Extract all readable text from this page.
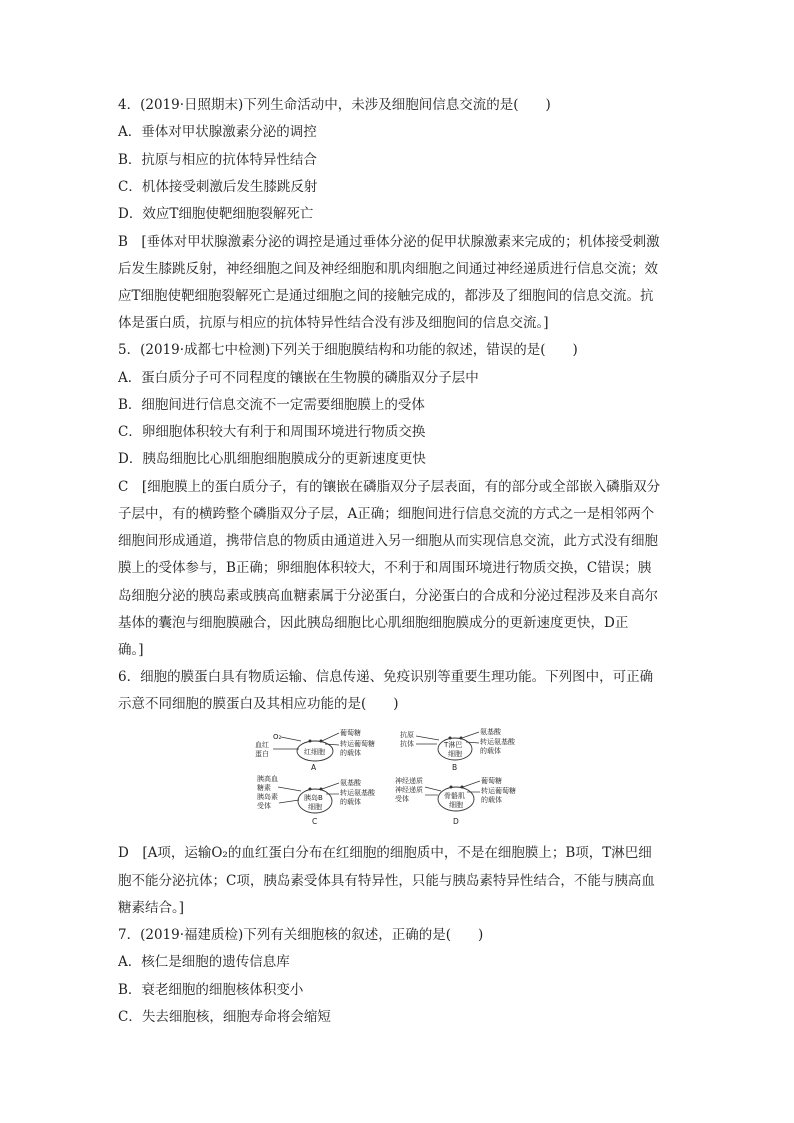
4．(2019·日照期末)下列生命活动中，未涉及细胞间信息交流的是(　　)
A．垂体对甲状腺激素分泌的调控
B．抗原与相应的抗体特异性结合
C．机体接受刺激后发生膝跳反射
D．效应T细胞使靶细胞裂解死亡
B　[垂体对甲状腺激素分泌的调控是通过垂体分泌的促甲状腺激素来完成的；机体接受刺激
后发生膝跳反射，神经细胞之间及神经细胞和肌肉细胞之间通过神经递质进行信息交流；效
应T细胞使靶细胞裂解死亡是通过细胞之间的接触完成的，都涉及了细胞间的信息交流。抗
体是蛋白质，抗原与相应的抗体特异性结合没有涉及细胞间的信息交流。]
5．(2019·成都七中检测)下列关于细胞膜结构和功能的叙述，错误的是(　　)
A．蛋白质分子可不同程度的镶嵌在生物膜的磷脂双分子层中
B．细胞间进行信息交流不一定需要细胞膜上的受体
C．卵细胞体积较大有利于和周围环境进行物质交换
D．胰岛细胞比心肌细胞细胞膜成分的更新速度更快
C　[细胞膜上的蛋白质分子，有的镶嵌在磷脂双分子层表面，有的部分或全部嵌入磷脂双分
子层中，有的横跨整个磷脂双分子层，A正确；细胞间进行信息交流的方式之一是相邻两个
细胞间形成通道，携带信息的物质由通道进入另一细胞从而实现信息交流，此方式没有细胞
膜上的受体参与，B正确；卵细胞体积较大，不利于和周围环境进行物质交换，C错误；胰
岛细胞分泌的胰岛素或胰高血糖素属于分泌蛋白，分泌蛋白的合成和分泌过程涉及来自高尔
基体的囊泡与细胞膜融合，因此胰岛细胞比心肌细胞细胞膜成分的更新速度更快，D正
确。]
6．细胞的膜蛋白具有物质运输、信息传递、免疫识别等重要生理功能。下列图中，可正确
示意不同细胞的膜蛋白及其相应功能的是(　　)
O₂
血红
蛋白	红细胞
葡萄糖
转运葡萄糖
的载体
A
抗原
抗体	T淋巴
细胞
氨基酸
转运氨基酸
的载体
B
胰高血
糖素
胰岛素
受体
胰岛B
细胞
氨基酸
转运氨基酸
的载体
C
神经递质
神经递质
受体	骨骼肌
细胞
葡萄糖
转运葡萄糖
的载体
D
D　[A项，运输O₂的血红蛋白分布在红细胞的细胞质中，不是在细胞膜上；B项，T淋巴细
胞不能分泌抗体；C项，胰岛素受体具有特异性，只能与胰岛素特异性结合，不能与胰高血
糖素结合。]
7．(2019·福建质检)下列有关细胞核的叙述，正确的是(　　)
A．核仁是细胞的遗传信息库
B．衰老细胞的细胞核体积变小
C．失去细胞核，细胞寿命将会缩短
